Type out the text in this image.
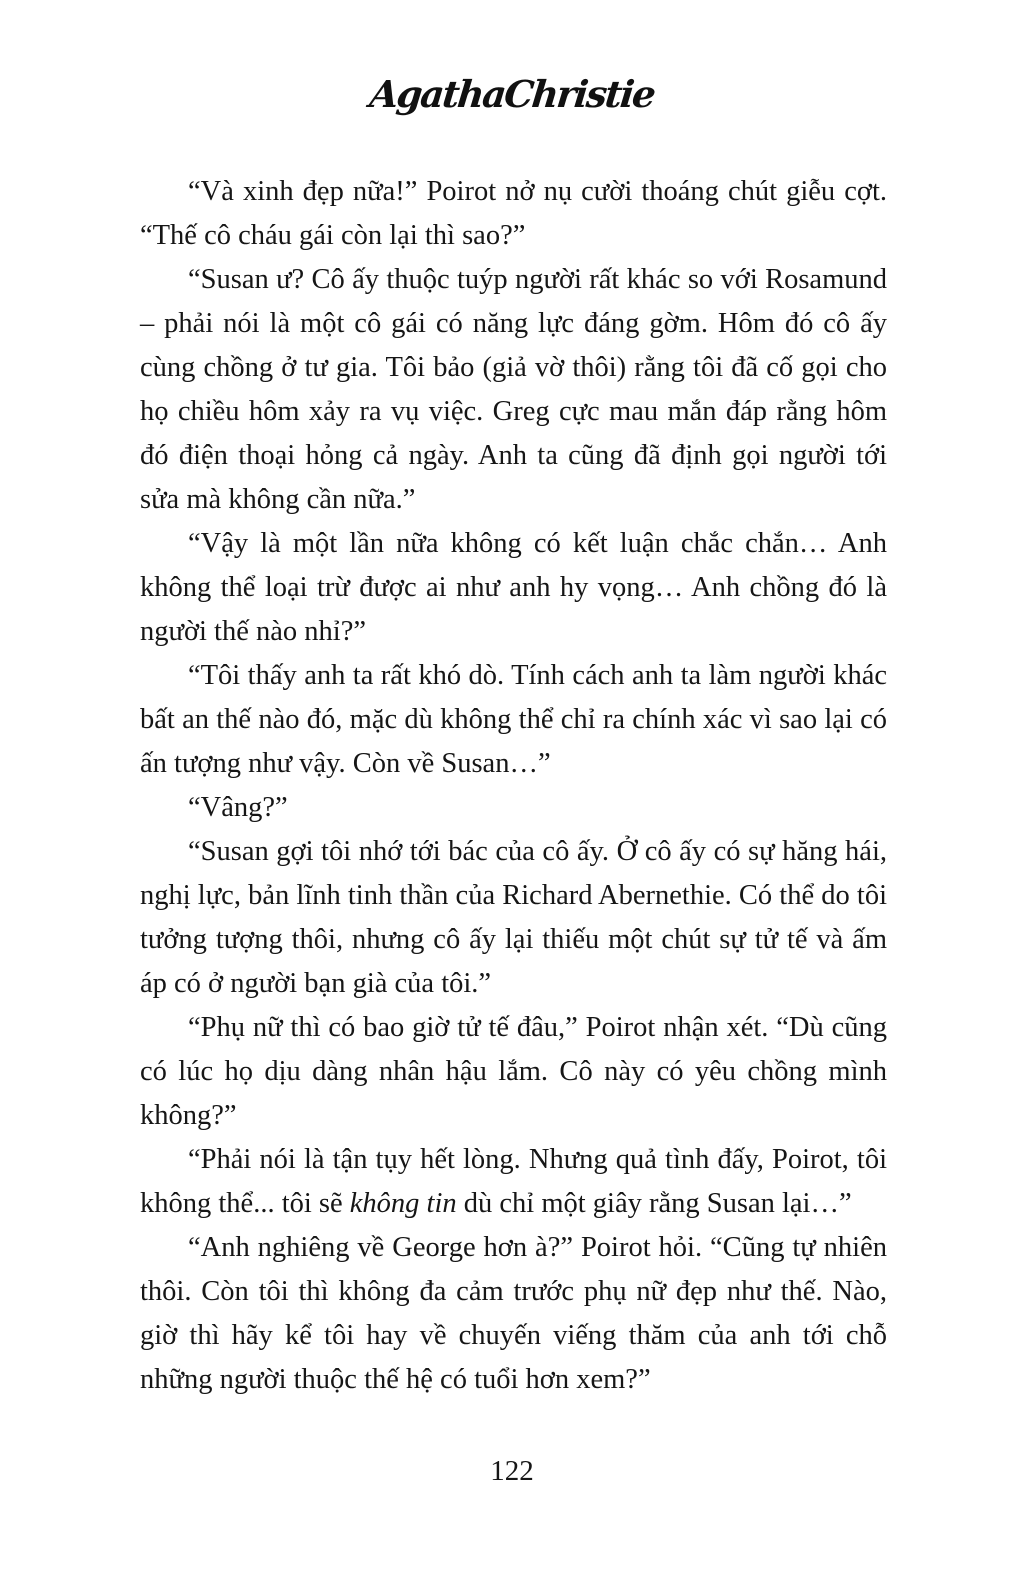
AgathaChristie

“Và xinh đẹp nữa!” Poirot nở nụ cười thoáng chút giễu cợt. “Thế cô cháu gái còn lại thì sao?”

“Susan ư? Cô ấy thuộc tuýp người rất khác so với Rosamund – phải nói là một cô gái có năng lực đáng gờm. Hôm đó cô ấy cùng chồng ở tư gia. Tôi bảo (giả vờ thôi) rằng tôi đã cố gọi cho họ chiều hôm xảy ra vụ việc. Greg cực mau mắn đáp rằng hôm đó điện thoại hỏng cả ngày. Anh ta cũng đã định gọi người tới sửa mà không cần nữa.”

“Vậy là một lần nữa không có kết luận chắc chắn… Anh không thể loại trừ được ai như anh hy vọng… Anh chồng đó là người thế nào nhỉ?”

“Tôi thấy anh ta rất khó dò. Tính cách anh ta làm người khác bất an thế nào đó, mặc dù không thể chỉ ra chính xác vì sao lại có ấn tượng như vậy. Còn về Susan…”

“Vâng?”

“Susan gợi tôi nhớ tới bác của cô ấy. Ở cô ấy có sự hăng hái, nghị lực, bản lĩnh tinh thần của Richard Abernethie. Có thể do tôi tưởng tượng thôi, nhưng cô ấy lại thiếu một chút sự tử tế và ấm áp có ở người bạn già của tôi.”

“Phụ nữ thì có bao giờ tử tế đâu,” Poirot nhận xét. “Dù cũng có lúc họ dịu dàng nhân hậu lắm. Cô này có yêu chồng mình không?”

“Phải nói là tận tụy hết lòng. Nhưng quả tình đấy, Poirot, tôi không thể... tôi sẽ không tin dù chỉ một giây rằng Susan lại…”

“Anh nghiêng về George hơn à?” Poirot hỏi. “Cũng tự nhiên thôi. Còn tôi thì không đa cảm trước phụ nữ đẹp như thế. Nào, giờ thì hãy kể tôi hay về chuyến viếng thăm của anh tới chỗ những người thuộc thế hệ có tuổi hơn xem?”

122
